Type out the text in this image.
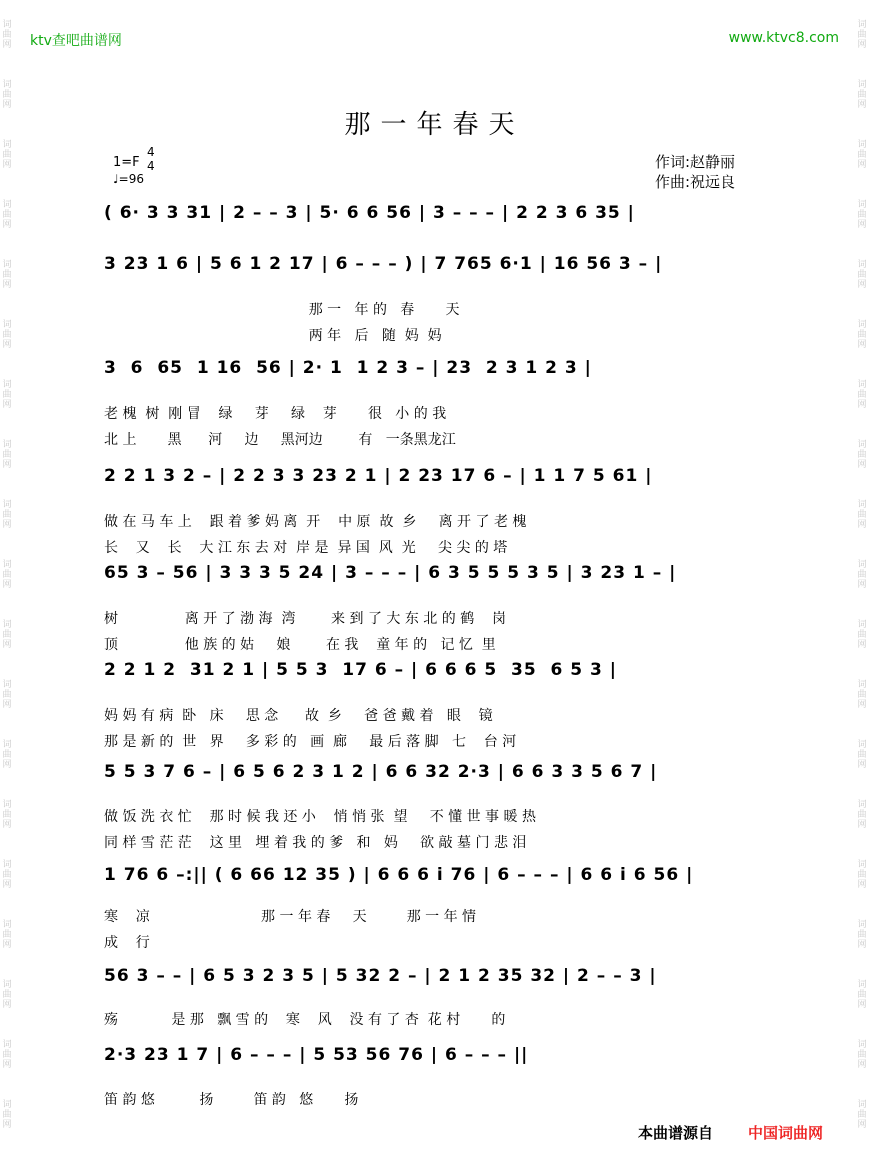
词
曲
网
词
曲
网
词
曲
网
词
曲
网
词
曲
网
词
曲
网
词
曲
网
词
曲
网
词
曲
网
词
曲
网
词
曲
网
词
曲
网
词
曲
网
词
曲
网
词
曲
网
词
曲
网
词
曲
网
词
曲
网
词
曲
网
词
曲
网
词
曲
网
词
曲
网
词
曲
网
词
曲
网
词
曲
网
词
曲
网
词
曲
网
词
曲
网
词
曲
网
词
曲
网
词
曲
网
词
曲
网
词
曲
网
词
曲
网
词
曲
网
词
曲
网
词
曲
网
词
曲
网
ktv查吧曲谱网	www.ktvc8.com
那一年春天
1=F
4
4
♩=96
作词:赵静丽
作曲:祝远良
( 6· 3 3 31 | 2 – – 3 | 5· 6 6 56 | 3 – – – | 2 2 3 6 35 |
3 23 1 6 | 5 6 1 2 17 | 6 – – – ) | 7 765 6·1 | 16 56 3 – |
那 一   年 的   春       天
两 年   后   随  妈  妈
3  6  65  1 16  56 | 2· 1  1 2 3 – | 23  2 3 1 2 3 |
老 槐  树  刚 冒    绿     芽     绿    芽       很   小 的 我
北 上       黑      河     边     黑河边        有   一条黑龙江
2 2 1 3 2 – | 2 2 3 3 23 2 1 | 2 23 17 6 – | 1 1 7 5 61 |
做 在 马 车 上    跟 着 爹 妈 离  开    中 原  故  乡     离 开 了 老 槐
长    又    长    大 江 东 去 对  岸 是  异 国  风  光     尖 尖 的 塔
65 3 – 56 | 3 3 3 5 24 | 3 – – – | 6 3 5 5 5 3 5 | 3 23 1 – |
树               离 开 了 渤 海  湾        来 到 了 大 东 北 的 鹤    岗
顶               他 族 的 姑     娘        在 我    童 年 的   记 忆  里
2 2 1 2  31 2 1 | 5 5 3  17 6 – | 6 6 6 5  35  6 5 3 |
妈 妈 有 病  卧   床     思 念      故  乡     爸 爸 戴 着   眼    镜
那 是 新 的  世   界     多 彩 的   画  廊     最 后 落 脚   七    台 河
5 5 3 7 6 – | 6 5 6 2 3 1 2 | 6 6 32 2·3 | 6 6 3 3 5 6 7 |
做 饭 洗 衣 忙    那 时 候 我 还 小    悄 悄 张  望     不 懂 世 事 暖 热
同 样 雪 茫 茫    这 里   埋 着 我 的 爹   和   妈     欲 敲 墓 门 悲 泪
1 76 6 –:|| ( 6 66 12 35 ) | 6 6 6 i 76 | 6 – – – | 6 6 i 6 56 |
寒    凉                         那 一 年 春     天         那 一 年 情
成    行
56 3 – – | 6 5 3 2 3 5 | 5 32 2 – | 2 1 2 35 32 | 2 – – 3 |
殇            是 那   飘 雪 的    寒    风    没 有 了 杏  花 村       的
2·3 23 1 7 | 6 – – – | 5 53 56 76 | 6 – – – ||
笛 韵 悠          扬         笛 韵   悠       扬
本曲谱源自 中国词曲网
